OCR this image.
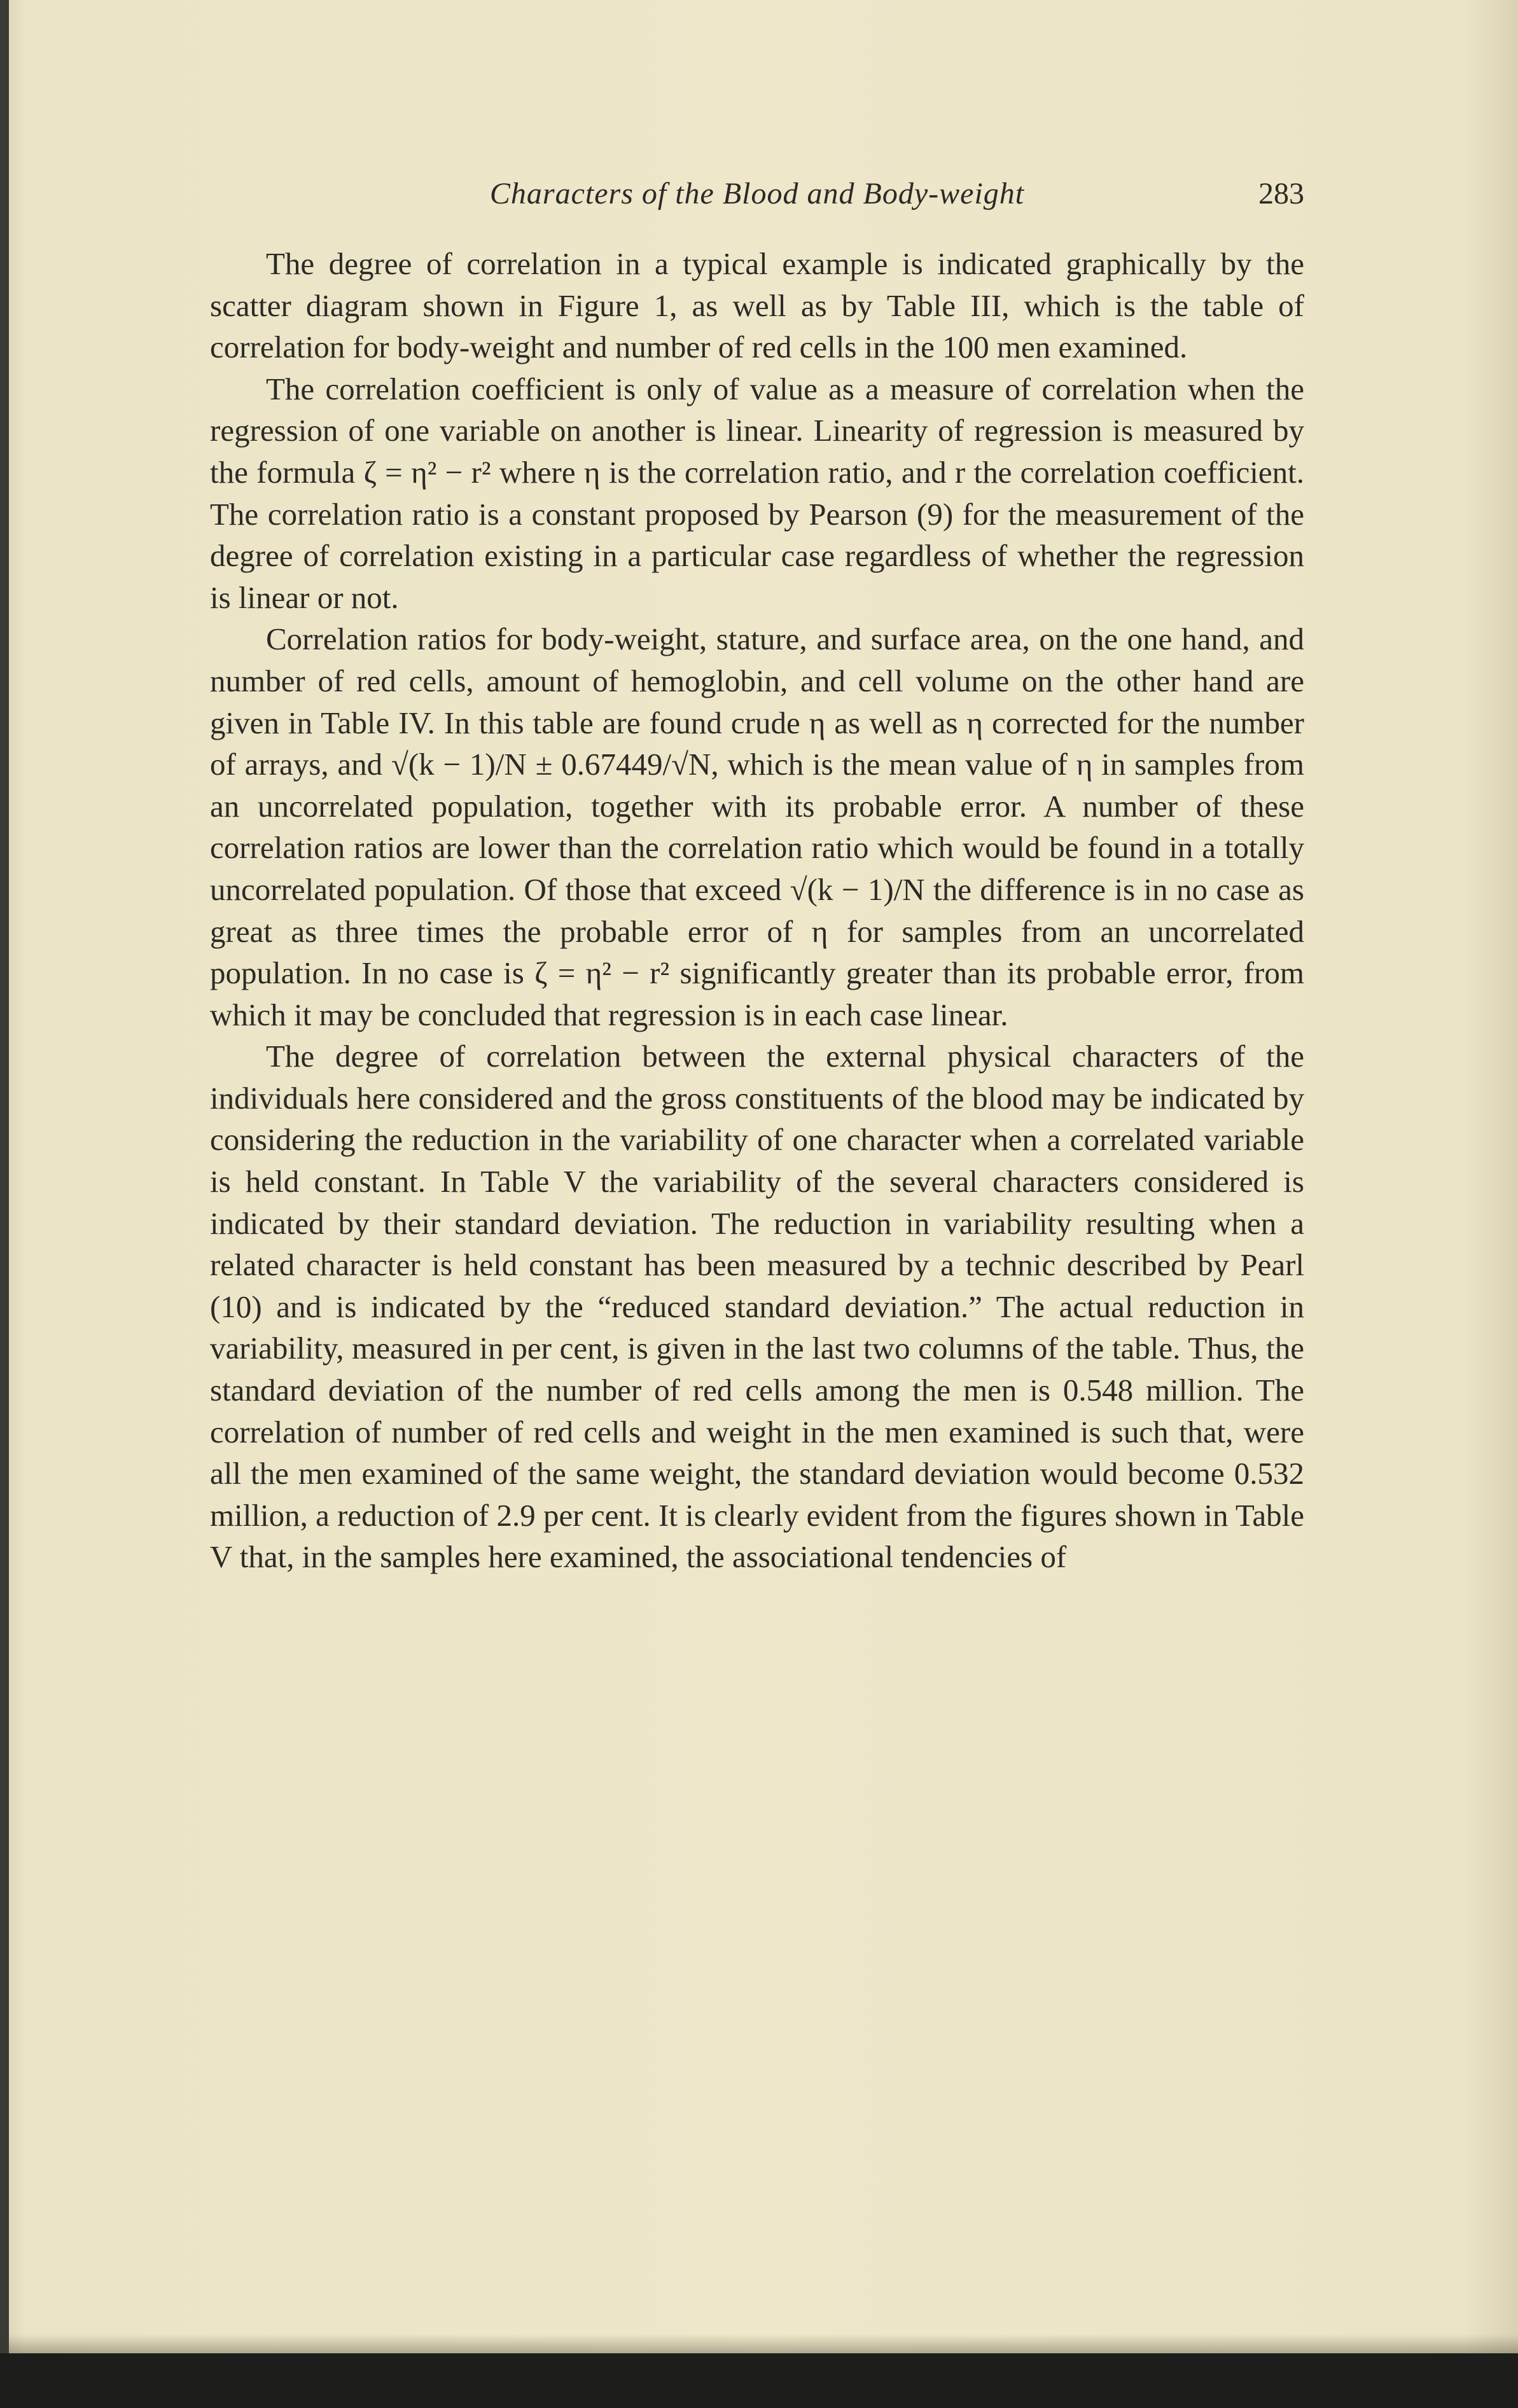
Characters of the Blood and Body-weight	283

The degree of correlation in a typical example is indicated graphically by the scatter diagram shown in Figure 1, as well as by Table III, which is the table of correlation for body-weight and number of red cells in the 100 men examined.

The correlation coefficient is only of value as a measure of correlation when the regression of one variable on another is linear. Linearity of regression is measured by the formula ζ = η² − r² where η is the correlation ratio, and r the correlation coefficient. The correlation ratio is a constant proposed by Pearson (9) for the measurement of the degree of correlation existing in a particular case regardless of whether the regression is linear or not.

Correlation ratios for body-weight, stature, and surface area, on the one hand, and number of red cells, amount of hemoglobin, and cell volume on the other hand are given in Table IV. In this table are found crude η as well as η corrected for the number of arrays, and √(k − 1)/N ± 0.67449/√N, which is the mean value of η in samples from an uncorrelated population, together with its probable error. A number of these correlation ratios are lower than the correlation ratio which would be found in a totally uncorrelated population. Of those that exceed √(k − 1)/N the difference is in no case as great as three times the probable error of η for samples from an uncorrelated population. In no case is ζ = η² − r² significantly greater than its probable error, from which it may be concluded that regression is in each case linear.

The degree of correlation between the external physical characters of the individuals here considered and the gross constituents of the blood may be indicated by considering the reduction in the variability of one character when a correlated variable is held constant. In Table V the variability of the several characters considered is indicated by their standard deviation. The reduction in variability resulting when a related character is held constant has been measured by a technic described by Pearl (10) and is indicated by the “reduced standard deviation.” The actual reduction in variability, measured in per cent, is given in the last two columns of the table. Thus, the standard deviation of the number of red cells among the men is 0.548 million. The correlation of number of red cells and weight in the men examined is such that, were all the men examined of the same weight, the standard deviation would become 0.532 million, a reduction of 2.9 per cent. It is clearly evident from the figures shown in Table V that, in the samples here examined, the associational tendencies of
